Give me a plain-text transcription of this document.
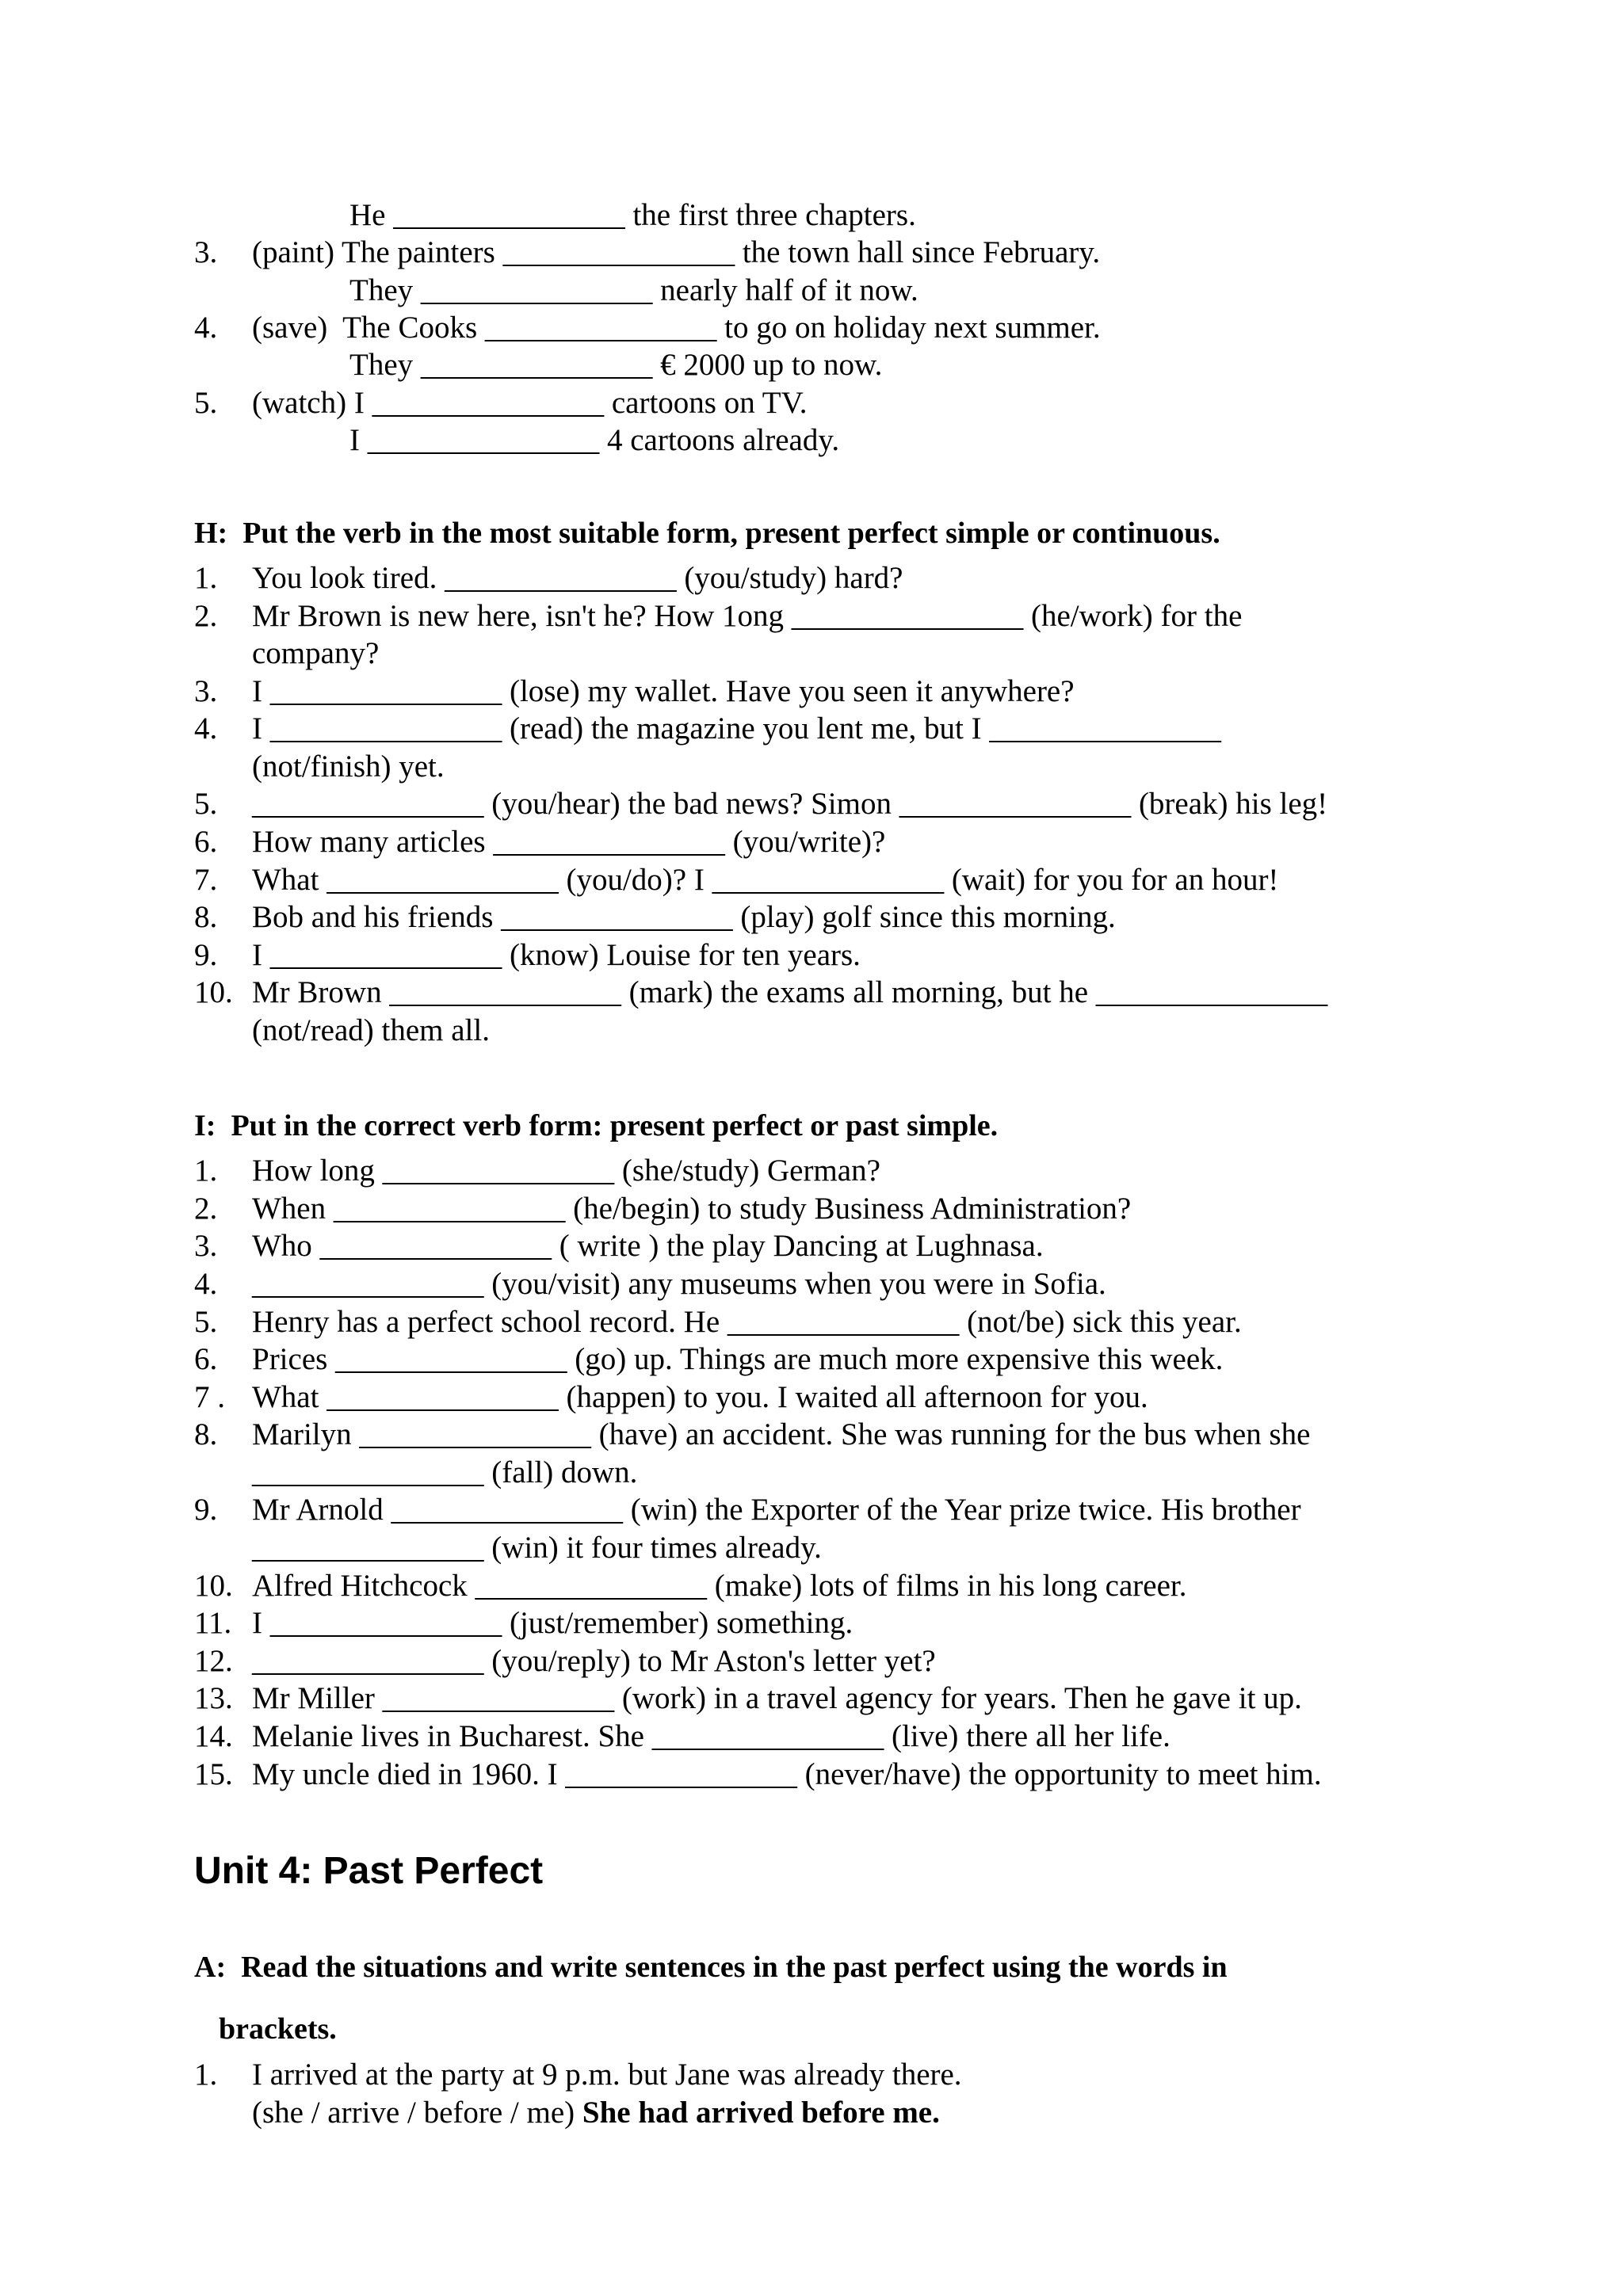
He _______________ the first three chapters.
3. (paint) The painters _______________ the town hall since February.
They _______________ nearly half of it now.
4. (save)  The Cooks _______________ to go on holiday next summer.
They _______________ € 2000 up to now.
5. (watch) I _______________ cartoons on TV.
I _______________ 4 cartoons already.
H:  Put the verb in the most suitable form, present perfect simple or continuous.
1. You look tired. _______________ (you/study) hard?
2. Mr Brown is new here, isn't he? How 1ong _______________ (he/work) for the
company?
3. I _______________ (lose) my wallet. Have you seen it anywhere?
4. I _______________ (read) the magazine you lent me, but I _______________
(not/finish) yet.
5. _______________ (you/hear) the bad news? Simon _______________ (break) his leg!
6. How many articles _______________ (you/write)?
7. What _______________ (you/do)? I _______________ (wait) for you for an hour!
8. Bob and his friends _______________ (play) golf since this morning.
9. I _______________ (know) Louise for ten years.
10. Mr Brown _______________ (mark) the exams all morning, but he _______________
(not/read) them all.
I:  Put in the correct verb form: present perfect or past simple.
1. How long _______________ (she/study) German?
2. When _______________ (he/begin) to study Business Administration?
3. Who _______________ ( write ) the play Dancing at Lughnasa.
4. _______________ (you/visit) any museums when you were in Sofia.
5. Henry has a perfect school record. He _______________ (not/be) sick this year.
6. Prices _______________ (go) up. Things are much more expensive this week.
7 . What _______________ (happen) to you. I waited all afternoon for you.
8. Marilyn _______________ (have) an accident. She was running for the bus when she
_______________ (fall) down.
9. Mr Arnold _______________ (win) the Exporter of the Year prize twice. His brother
_______________ (win) it four times already.
10. Alfred Hitchcock _______________ (make) lots of films in his long career.
11. I _______________ (just/remember) something.
12. _______________ (you/reply) to Mr Aston's letter yet?
13. Mr Miller _______________ (work) in a travel agency for years. Then he gave it up.
14. Melanie lives in Bucharest. She _______________ (live) there all her life.
15. My uncle died in 1960. I _______________ (never/have) the opportunity to meet him.
Unit 4: Past Perfect
A:  Read the situations and write sentences in the past perfect using the words in
brackets.
1. I arrived at the party at 9 p.m. but Jane was already there.
(she / arrive / before / me) She had arrived before me.
